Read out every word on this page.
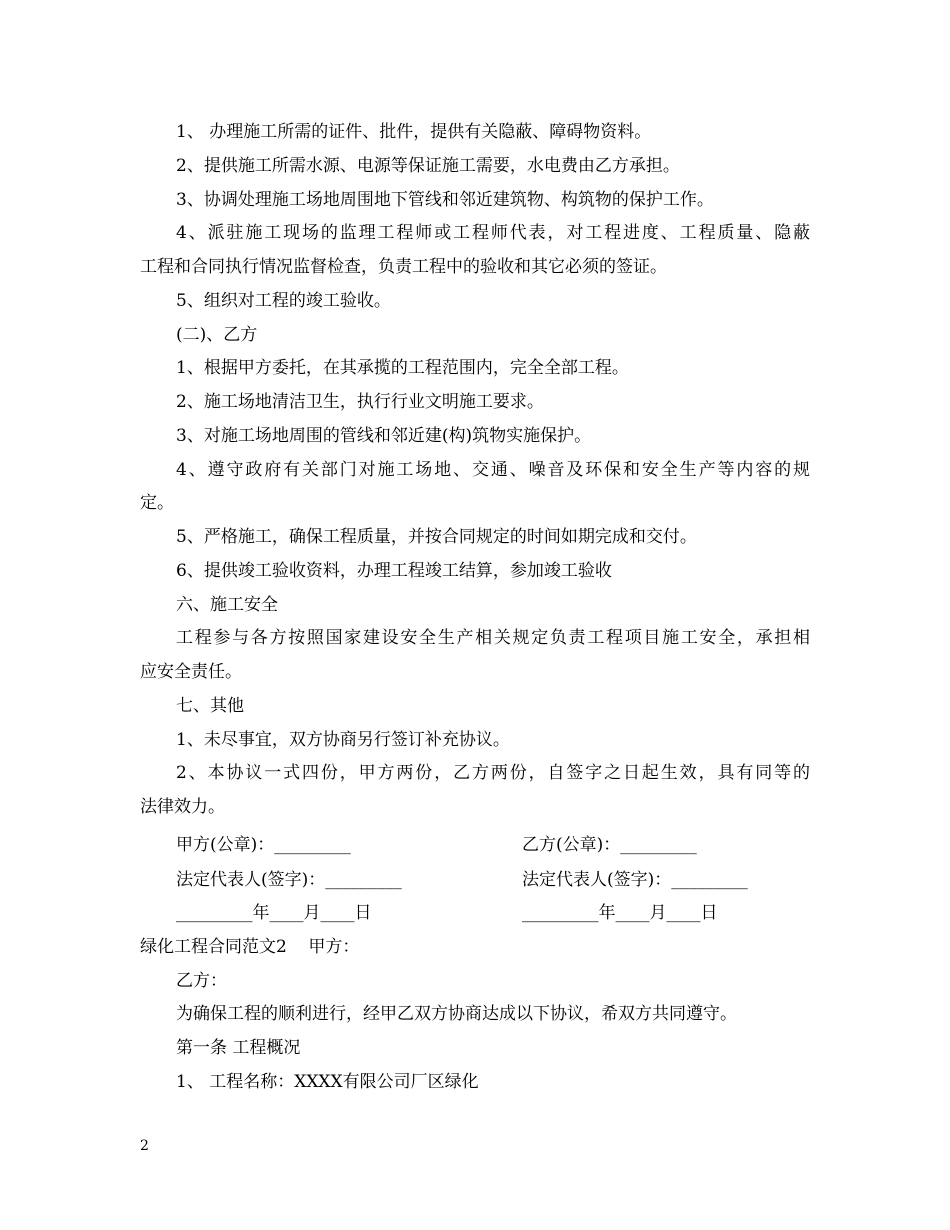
1、 办理施工所需的证件、批件，提供有关隐蔽、障碍物资料。
2、提供施工所需水源、电源等保证施工需要，水电费由乙方承担。
3、协调处理施工场地周围地下管线和邻近建筑物、构筑物的保护工作。
4、派驻施工现场的监理工程师或工程师代表，对工程进度、工程质量、隐蔽
工程和合同执行情况监督检查，负责工程中的验收和其它必须的签证。
5、组织对工程的竣工验收。
(二)、乙方
1、根据甲方委托，在其承揽的工程范围内，完全全部工程。
2、施工场地清洁卫生，执行行业文明施工要求。
3、对施工场地周围的管线和邻近建(构)筑物实施保护。
4、遵守政府有关部门对施工场地、交通、噪音及环保和安全生产等内容的规
定。
5、严格施工，确保工程质量，并按合同规定的时间如期完成和交付。
6、提供竣工验收资料，办理工程竣工结算，参加竣工验收
六、施工安全
工程参与各方按照国家建设安全生产相关规定负责工程项目施工安全，承担相
应安全责任。
七、其他
1、未尽事宜，双方协商另行签订补充协议。
2、本协议一式四份，甲方两份，乙方两份，自签字之日起生效，具有同等的
法律效力。
甲方(公章)：_________	乙方(公章)：_________
法定代表人(签字)：_________	法定代表人(签字)：_________
_________年____月____日	_________年____月____日
绿化工程合同范文2    甲方：
乙方：
为确保工程的顺利进行，经甲乙双方协商达成以下协议，希双方共同遵守。
第一条 工程概况
1、 工程名称：XXXX有限公司厂区绿化
2
